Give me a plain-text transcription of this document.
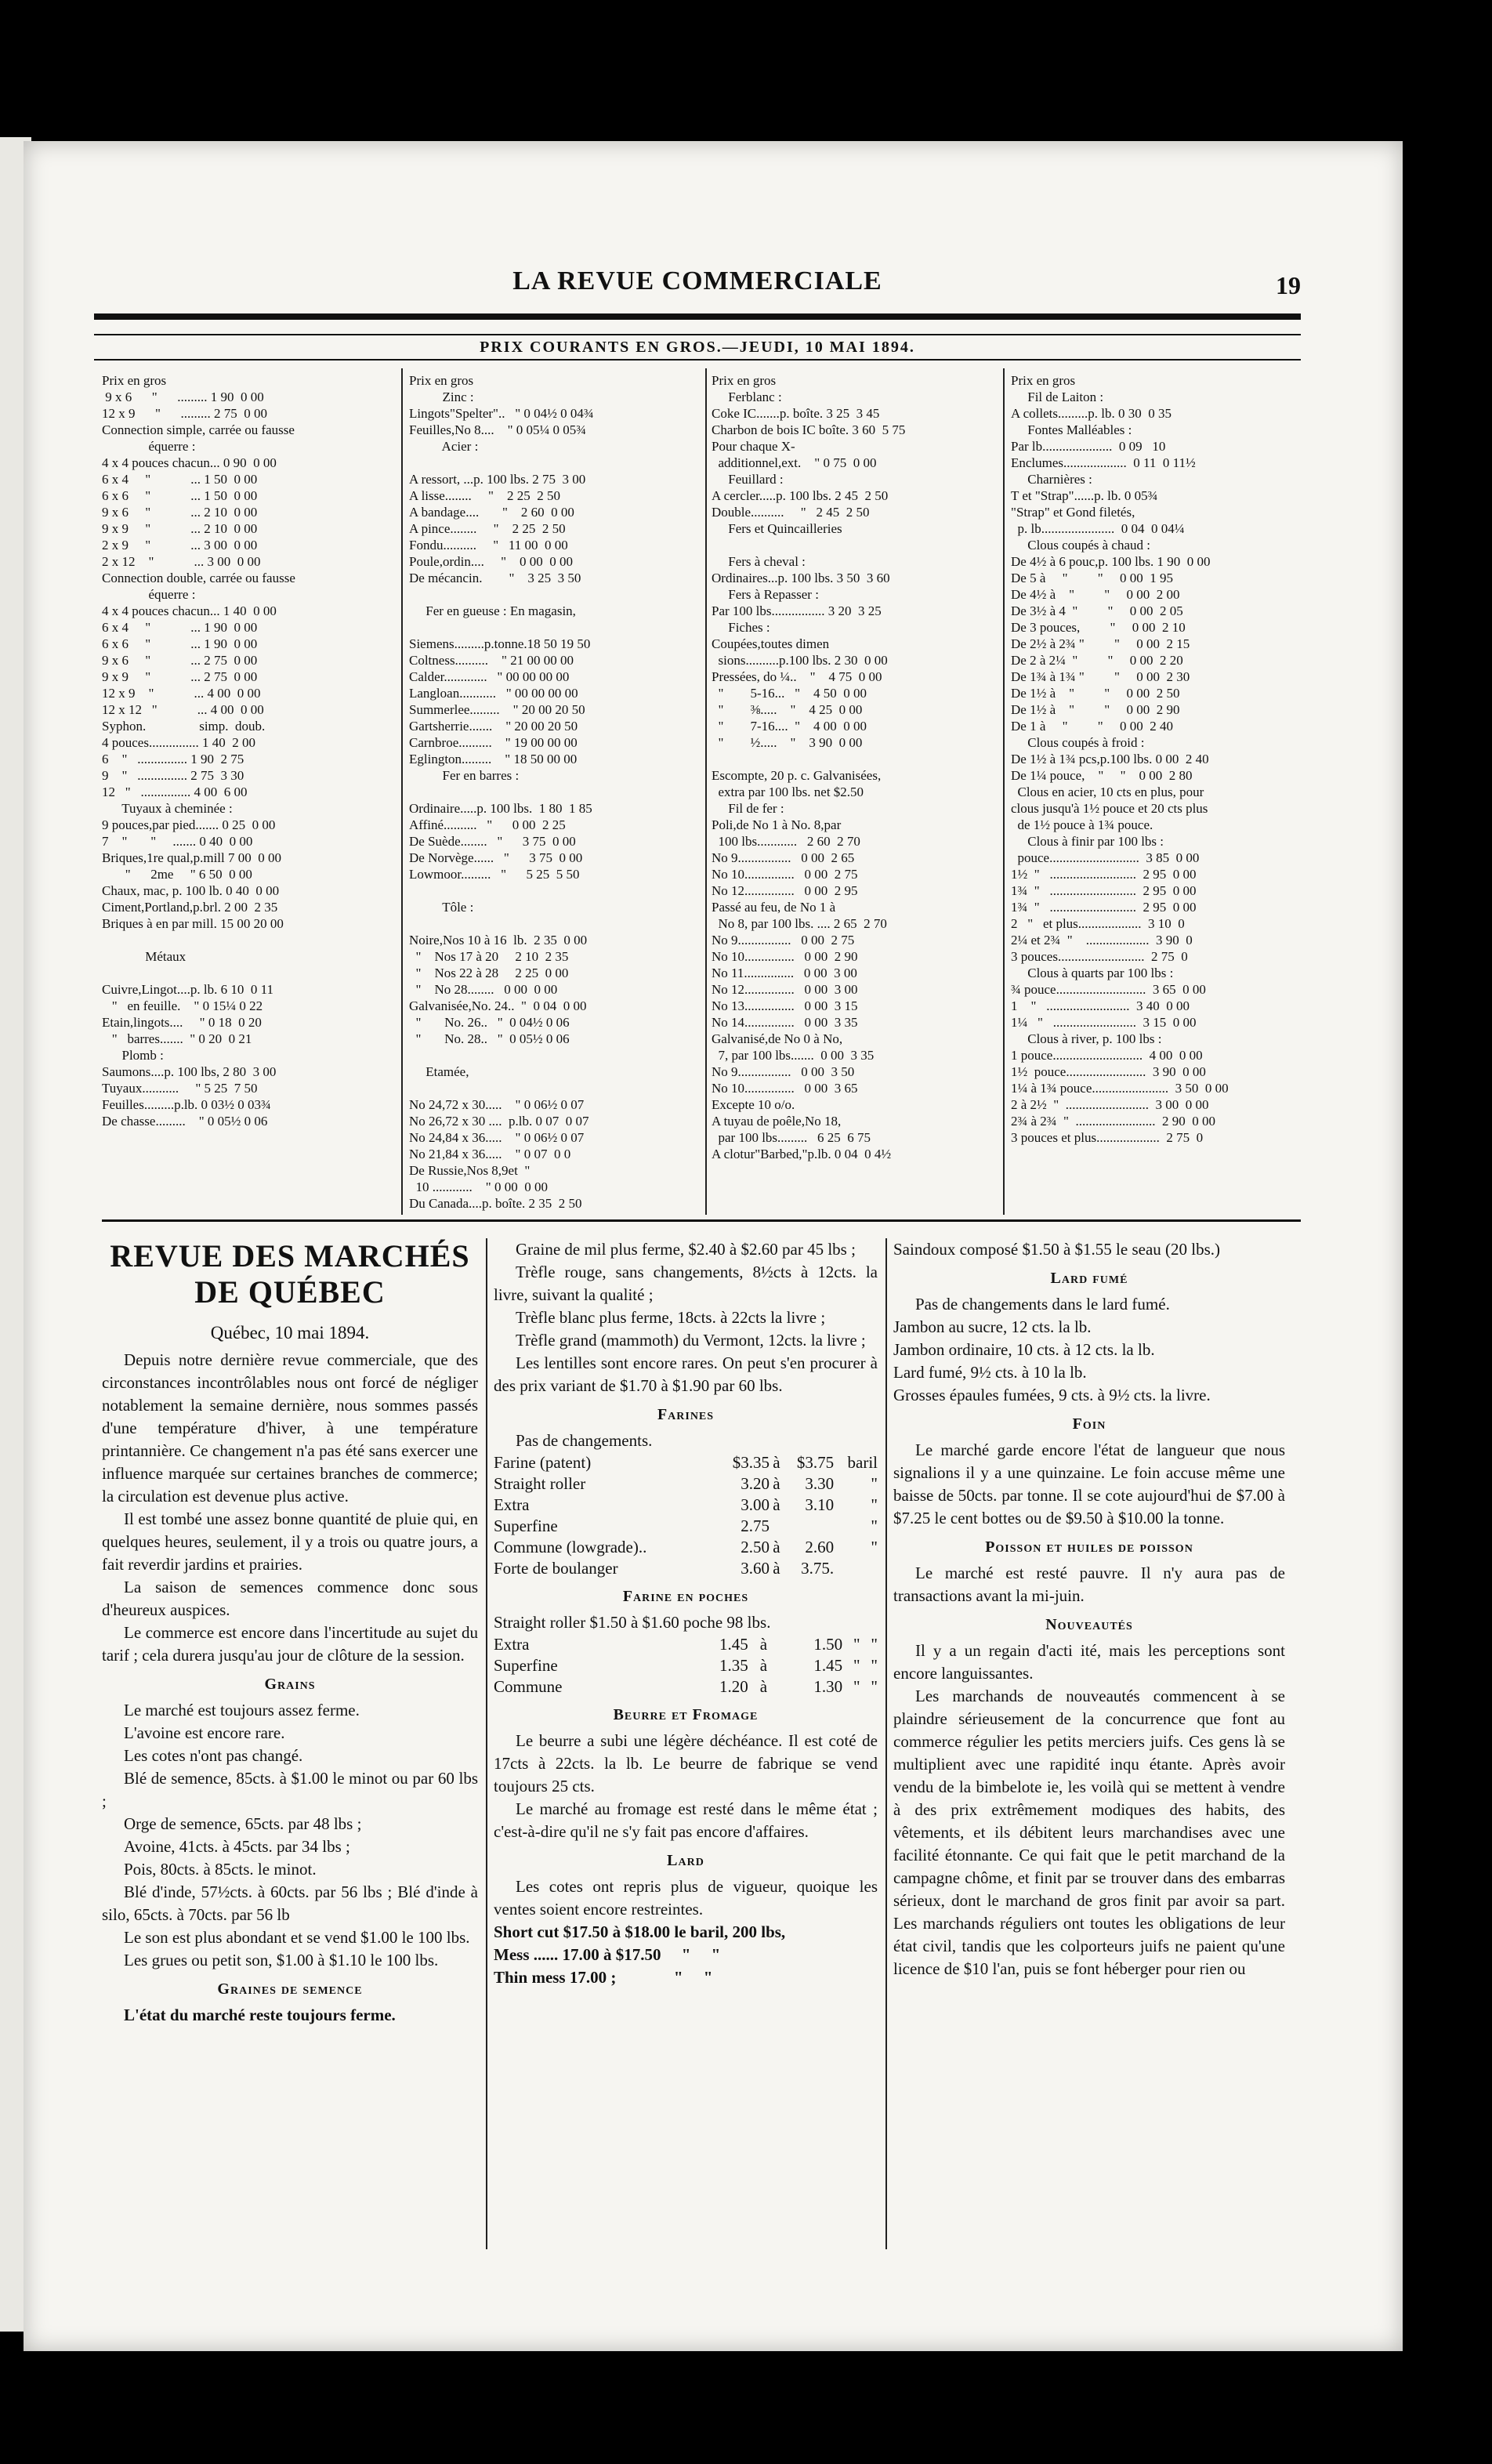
LA REVUE COMMERCIALE	19
PRIX COURANTS EN GROS.—JEUDI, 10 MAI 1894.
Prix en gros
9 x 6      "      ......... 1 90  0 00
12 x 9      "      ......... 2 75  0 00
Connection simple, carrée ou fausse
équerre :
4 x 4 pouces chacun... 0 90  0 00
6 x 4     "            ... 1 50  0 00
6 x 6     "            ... 1 50  0 00
9 x 6     "            ... 2 10  0 00
9 x 9     "            ... 2 10  0 00
2 x 9     "            ... 3 00  0 00
2 x 12    "            ... 3 00  0 00
Connection double, carrée ou fausse
équerre :
4 x 4 pouces chacun... 1 40  0 00
6 x 4     "            ... 1 90  0 00
6 x 6     "            ... 1 90  0 00
9 x 6     "            ... 2 75  0 00
9 x 9     "            ... 2 75  0 00
12 x 9    "            ... 4 00  0 00
12 x 12   "            ... 4 00  0 00
Syphon.                simp.  doub.
4 pouces............... 1 40  2 00
6    "   ............... 1 90  2 75
9    "   ............... 2 75  3 30
12   "   ............... 4 00  6 00
Tuyaux à cheminée :
9 pouces,par pied....... 0 25  0 00
7    "       "     ....... 0 40  0 00
Briques,1re qual,p.mill 7 00  0 00
"      2me     " 6 50  0 00
Chaux, mac, p. 100 lb. 0 40  0 00
Ciment,Portland,p.brl. 2 00  2 35
Briques à en par mill. 15 00 20 00

Métaux

Cuivre,Lingot....p. lb. 6 10  0 11
"   en feuille.    " 0 15¼ 0 22
Etain,lingots....     " 0 18  0 20
"   barres.......  " 0 20  0 21
Plomb :
Saumons....p. 100 lbs, 2 80  3 00
Tuyaux...........     " 5 25  7 50
Feuilles.........p.lb. 0 03½ 0 03¾
De chasse.........    " 0 05½ 0 06
Prix en gros
Zinc :
Lingots"Spelter"..   " 0 04½ 0 04¾
Feuilles,No 8....    " 0 05¼ 0 05¾
Acier :

A ressort, ...p. 100 lbs. 2 75  3 00
A lisse........     "    2 25  2 50
A bandage....       "    2 60  0 00
A pince........     "    2 25  2 50
Fondu..........     "   11 00  0 00
Poule,ordin....     "    0 00  0 00
De mécancin.        "    3 25  3 50

Fer en gueuse : En magasin,

Siemens.........p.tonne.18 50 19 50
Coltness..........    " 21 00 00 00
Calder.............   " 00 00 00 00
Langloan...........   " 00 00 00 00
Summerlee.........    " 20 00 20 50
Gartsherrie.......    " 20 00 20 50
Carnbroe..........    " 19 00 00 00
Eglington.........    " 18 50 00 00
Fer en barres :

Ordinaire.....p. 100 lbs.  1 80  1 85
Affiné..........   "      0 00  2 25
De Suède........   "      3 75  0 00
De Norvège......   "      3 75  0 00
Lowmoor.........   "      5 25  5 50

Tôle :

Noire,Nos 10 à 16  lb.  2 35  0 00
"    Nos 17 à 20     2 10  2 35
"    Nos 22 à 28     2 25  0 00
"    No 28........   0 00  0 00
Galvanisée,No. 24..  "  0 04  0 00
"       No. 26..   "  0 04½ 0 06
"       No. 28..   "  0 05½ 0 06

Etamée,

No 24,72 x 30.....    " 0 06½ 0 07
No 26,72 x 30 ....  p.lb. 0 07  0 07
No 24,84 x 36.....    " 0 06½ 0 07
No 21,84 x 36.....    " 0 07  0 0
De Russie,Nos 8,9et  "
10 ............    " 0 00  0 00
Du Canada....p. boîte. 2 35  2 50
Prix en gros
Ferblanc :
Coke IC.......p. boîte. 3 25  3 45
Charbon de bois IC boîte. 3 60  5 75
Pour chaque X-
additionnel,ext.    " 0 75  0 00
Feuillard :
A cercler.....p. 100 lbs. 2 45  2 50
Double..........     "   2 45  2 50
Fers et Quincailleries

Fers à cheval :
Ordinaires...p. 100 lbs. 3 50  3 60
Fers à Repasser :
Par 100 lbs................ 3 20  3 25
Fiches :
Coupées,toutes dimen
sions..........p.100 lbs. 2 30  0 00
Pressées, do ¼..    "    4 75  0 00
"        5-16...   "    4 50  0 00
"        ⅜.....    "    4 25  0 00
"        7-16....  "    4 00  0 00
"        ½.....    "    3 90  0 00

Escompte, 20 p. c. Galvanisées,
extra par 100 lbs. net $2.50
Fil de fer :
Poli,de No 1 à No. 8,par
100 lbs............   2 60  2 70
No 9................   0 00  2 65
No 10...............   0 00  2 75
No 12...............   0 00  2 95
Passé au feu, de No 1 à
No 8, par 100 lbs. .... 2 65  2 70
No 9................   0 00  2 75
No 10...............   0 00  2 90
No 11...............   0 00  3 00
No 12...............   0 00  3 00
No 13...............   0 00  3 15
No 14...............   0 00  3 35
Galvanisé,de No 0 à No,
7, par 100 lbs.......  0 00  3 35
No 9................   0 00  3 50
No 10...............   0 00  3 65
Excepte 10 o/o.
A tuyau de poêle,No 18,
par 100 lbs.........   6 25  6 75
A clotur"Barbed,"p.lb. 0 04  0 4½
Prix en gros
Fil de Laiton :
A collets.........p. lb. 0 30  0 35
Fontes Malléables :
Par lb.....................  0 09   10
Enclumes...................  0 11  0 11½
Charnières :
T et "Strap"......p. lb. 0 05¾
"Strap" et Gond filetés,
p. lb......................  0 04  0 04¼
Clous coupés à chaud :
De 4½ à 6 pouc,p. 100 lbs. 1 90  0 00
De 5 à     "         "     0 00  1 95
De 4½ à    "         "     0 00  2 00
De 3½ à 4  "         "     0 00  2 05
De 3 pouces,         "     0 00  2 10
De 2½ à 2¾ "         "     0 00  2 15
De 2 à 2¼  "         "     0 00  2 20
De 1¾ à 1¾ "         "     0 00  2 30
De 1½ à    "         "     0 00  2 50
De 1½ à    "         "     0 00  2 90
De 1 à     "         "     0 00  2 40
Clous coupés à froid :
De 1½ à 1¾ pcs,p.100 lbs. 0 00  2 40
De 1¼ pouce,    "     "    0 00  2 80
Clous en acier, 10 cts en plus, pour
clous jusqu'à 1½ pouce et 20 cts plus
de 1½ pouce à 1¾ pouce.
Clous à finir par 100 lbs :
pouce...........................  3 85  0 00
1½  "   ..........................  2 95  0 00
1¾  "   ..........................  2 95  0 00
1¾  "   ..........................  2 95  0 00
2   "   et plus...................  3 10  0
2¼ et 2¾  "    ...................  3 90  0
3 pouces..........................  2 75  0
Clous à quarts par 100 lbs :
¾ pouce...........................  3 65  0 00
1    "   .........................  3 40  0 00
1¼   "   .........................  3 15  0 00
Clous à river, p. 100 lbs :
1 pouce...........................  4 00  0 00
1½  pouce........................  3 90  0 00
1¼ à 1¾ pouce.......................  3 50  0 00
2 à 2½  "  .........................  3 00  0 00
2¾ à 2¾  "  ........................  2 90  0 00
3 pouces et plus...................  2 75  0
REVUE DES MARCHÉS DE QUÉBEC
Québec, 10 mai 1894.

Depuis notre dernière revue commerciale, que des circonstances incontrôlables nous ont forcé de négliger notablement la semaine dernière, nous sommes passés d'une température d'hiver, à une température printannière. Ce changement n'a pas été sans exercer une influence marquée sur certaines branches de commerce; la circulation est devenue plus active.

Il est tombé une assez bonne quantité de pluie qui, en quelques heures, seulement, il y a trois ou quatre jours, a fait reverdir jardins et prairies.

La saison de semences commence donc sous d'heureux auspices.

Le commerce est encore dans l'incertitude au sujet du tarif ; cela durera jusqu'au jour de clôture de la session.

Grains

Le marché est toujours assez ferme.

L'avoine est encore rare.

Les cotes n'ont pas changé.

Blé de semence, 85cts. à $1.00 le minot ou par 60 lbs ;

Orge de semence, 65cts. par 48 lbs ;

Avoine, 41cts. à 45cts. par 34 lbs ;

Pois, 80cts. à 85cts. le minot.

Blé d'inde, 57½cts. à 60cts. par 56 lbs ; Blé d'inde à silo, 65cts. à 70cts. par 56 lb

Le son est plus abondant et se vend $1.00 le 100 lbs.

Les grues ou petit son, $1.00 à $1.10 le 100 lbs.

Graines de semence

L'état du marché reste toujours ferme.

Graine de mil plus ferme, $2.40 à $2.60 par 45 lbs ;

Trèfle rouge, sans changements, 8½cts à 12cts. la livre, suivant la qualité ;

Trèfle blanc plus ferme, 18cts. à 22cts la livre ;

Trèfle grand (mammoth) du Vermont, 12cts. la livre ;

Les lentilles sont encore rares. On peut s'en procurer à des prix variant de $1.70 à $1.90 par 60 lbs.

Farines

Pas de changements.

Farine (patent)	$3.35	à	$3.75	baril
Straight roller	3.20	à	3.30	"
Extra	3.00	à	3.10	"
Superfine	2.75			"
Commune (lowgrade)..	2.50	à	2.60	"
Forte de boulanger	3.60	à	3.75.	
Farine en poches

Straight roller $1.50 à $1.60 poche 98 lbs.

Extra	1.45	à	1.50	"	"
Superfine	1.35	à	1.45	"	"
Commune	1.20	à	1.30	"	"
Beurre et Fromage

Le beurre a subi une légère déchéance. Il est coté de 17cts à 22cts. la lb. Le beurre de fabrique se vend toujours 25 cts.

Le marché au fromage est resté dans le même état ; c'est-à-dire qu'il ne s'y fait pas encore d'affaires.

Lard

Les cotes ont repris plus de vigueur, quoique les ventes soient encore restreintes.

Short cut $17.50 à $18.00 le baril, 200 lbs,

Mess ...... 17.00 à $17.50     "     "

Thin mess 17.00 ;              "     "

Saindoux composé $1.50 à $1.55 le seau (20 lbs.)

Lard fumé

Pas de changements dans le lard fumé.

Jambon au sucre, 12 cts. la lb.

Jambon ordinaire, 10 cts. à 12 cts. la lb.

Lard fumé, 9½ cts. à 10 la lb.

Grosses épaules fumées, 9 cts. à 9½ cts. la livre.

Foin

Le marché garde encore l'état de langueur que nous signalions il y a une quinzaine. Le foin accuse même une baisse de 50cts. par tonne. Il se cote aujourd'hui de $7.00 à $7.25 le cent bottes ou de $9.50 à $10.00 la tonne.

Poisson et huiles de poisson

Le marché est resté pauvre. Il n'y aura pas de transactions avant la mi-juin.

Nouveautés

Il y a un regain d'acti ité, mais les perceptions sont encore languissantes.

Les marchands de nouveautés commencent à se plaindre sérieusement de la concurrence que font au commerce régulier les petits merciers juifs. Ces gens là se multiplient avec une rapidité inqu étante. Après avoir vendu de la bimbelote ie, les voilà qui se mettent à vendre à des prix extrêmement modiques des habits, des vêtements, et ils débitent leurs marchandises avec une facilité étonnante. Ce qui fait que le petit marchand de la campagne chôme, et finit par se trouver dans des embarras sérieux, dont le marchand de gros finit par avoir sa part. Les marchands réguliers ont toutes les obligations de leur état civil, tandis que les colporteurs juifs ne paient qu'une licence de $10 l'an, puis se font héberger pour rien ou
